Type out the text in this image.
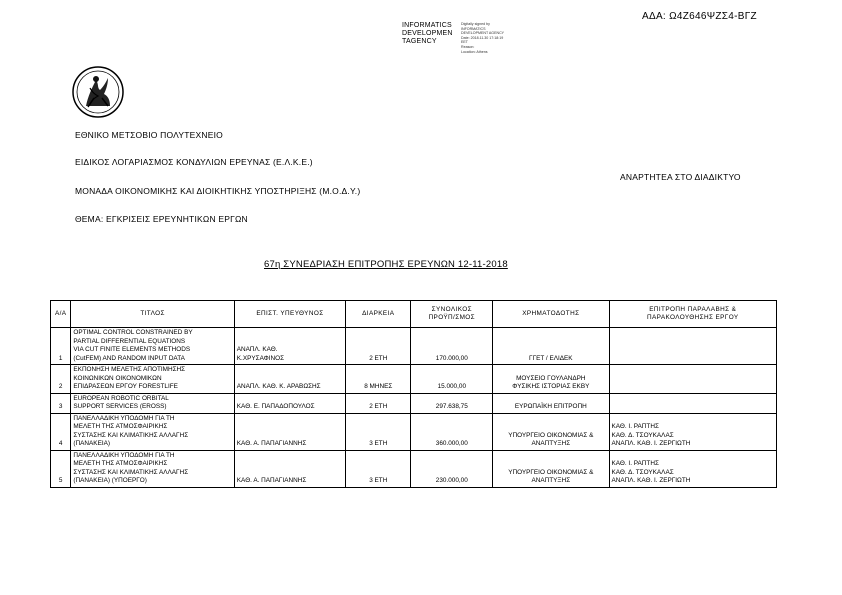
ΑΔΑ: Ω4Ζ646ΨΖΣ4-ΒΓΖ
INFORMATICS
DEVELOPMEN
TAGENCY
Digitally signed by
INFORMATICS
DEVELOPMENT AGENCY
Date: 2018.11.30 17:18:19
EET
Reason:
Location: Athens
ΕΘΝΙΚΟ ΜΕΤΣΟΒΙΟ ΠΟΛΥΤΕΧΝΕΙΟ
ΕΙΔΙΚΟΣ ΛΟΓΑΡΙΑΣΜΟΣ ΚΟΝΔΥΛΙΩΝ ΕΡΕΥΝΑΣ (Ε.Λ.Κ.Ε.)
ΑΝΑΡΤΗΤΕΑ ΣΤΟ ΔΙΑΔΙΚΤΥΟ
ΜΟΝΑΔΑ ΟΙΚΟΝΟΜΙΚΗΣ ΚΑΙ ΔΙΟΙΚΗΤΙΚΗΣ ΥΠΟΣΤΗΡΙΞΗΣ (Μ.Ο.Δ.Υ.)
ΘΕΜΑ: ΕΓΚΡΙΣΕΙΣ ΕΡΕΥΝΗΤΙΚΩΝ ΕΡΓΩΝ
67η ΣΥΝΕΔΡΙΑΣΗ ΕΠΙΤΡΟΠΗΣ ΕΡΕΥΝΩΝ 12-11-2018
Α/Α	ΤΙΤΛΟΣ	ΕΠΙΣΤ. ΥΠΕΥΘΥΝΟΣ	ΔΙΑΡΚΕΙΑ	ΣΥΝΟΛΙΚΟΣ
ΠΡΟΫΠ/ΣΜΟΣ	ΧΡΗΜΑΤΟΔΟΤΗΣ	ΕΠΙΤΡΟΠΗ ΠΑΡΑΛΑΒΗΣ &
ΠΑΡΑΚΟΛΟΥΘΗΣΗΣ ΕΡΓΟΥ
1	OPTIMAL CONTROL CONSTRAINED BY
PARTIAL DIFFERENTIAL EQUATIONS
VIA CUT FINITE ELEMENTS METHODS
(CutFEM) AND RANDOM INPUT DATA	ΑΝΑΠΛ. ΚΑΘ.
Κ.ΧΡΥΣΑΦΙΝΟΣ	2 ΕΤΗ	170.000,00	ΓΓΕΤ / ΕΛΙΔΕΚ	
2	ΕΚΠΟΝΗΣΗ ΜΕΛΕΤΗΣ ΑΠΟΤΙΜΗΣΗΣ
ΚΟΙΝΩΝΙΚΩΝ ΟΙΚΟΝΟΜΙΚΩΝ
ΕΠΙΔΡΑΣΕΩΝ ΕΡΓΟΥ FORESTLIFE	ΑΝΑΠΛ. ΚΑΘ. Κ. ΑΡΑΒΩΣΗΣ	8 ΜΗΝΕΣ	15.000,00	ΜΟΥΣΕΙΟ ΓΟΥΛΑΝΔΡΗ
ΦΥΣΙΚΗΣ ΙΣΤΟΡΙΑΣ ΕΚΒΥ	
3	EUROPEAN ROBOTIC ORBITAL
SUPPORT SERVICES (EROSS)	ΚΑΘ. Ε. ΠΑΠΑΔΟΠΟΥΛΟΣ	2 ΕΤΗ	297.638,75	ΕΥΡΩΠΑΪΚΗ ΕΠΙΤΡΟΠΗ	
4	ΠΑΝΕΛΛΑΔΙΚΗ ΥΠΟΔΟΜΗ ΓΙΑ ΤΗ
ΜΕΛΕΤΗ ΤΗΣ ΑΤΜΟΣΦΑΙΡΙΚΗΣ
ΣΥΣΤΑΣΗΣ ΚΑΙ ΚΛΙΜΑΤΙΚΗΣ ΑΛΛΑΓΗΣ
(ΠΑΝΑΚΕΙΑ)	ΚΑΘ. Α. ΠΑΠΑΓΙΑΝΝΗΣ	3 ΕΤΗ	360.000,00	ΥΠΟΥΡΓΕΙΟ ΟΙΚΟΝΟΜΙΑΣ &
ΑΝΑΠΤΥΞΗΣ	ΚΑΘ. Ι. ΡΑΠΤΗΣ
ΚΑΘ. Δ. ΤΣΟΥΚΑΛΑΣ
ΑΝΑΠΛ. ΚΑΘ. Ι. ΖΕΡΓΙΩΤΗ
5	ΠΑΝΕΛΛΑΔΙΚΗ ΥΠΟΔΟΜΗ ΓΙΑ ΤΗ
ΜΕΛΕΤΗ ΤΗΣ ΑΤΜΟΣΦΑΙΡΙΚΗΣ
ΣΥΣΤΑΣΗΣ ΚΑΙ ΚΛΙΜΑΤΙΚΗΣ ΑΛΛΑΓΗΣ
(ΠΑΝΑΚΕΙΑ) (ΥΠΟΕΡΓΟ)	ΚΑΘ. Α. ΠΑΠΑΓΙΑΝΝΗΣ	3 ΕΤΗ	230.000,00	ΥΠΟΥΡΓΕΙΟ ΟΙΚΟΝΟΜΙΑΣ &
ΑΝΑΠΤΥΞΗΣ	ΚΑΘ. Ι. ΡΑΠΤΗΣ
ΚΑΘ. Δ. ΤΣΟΥΚΑΛΑΣ
ΑΝΑΠΛ. ΚΑΘ. Ι. ΖΕΡΓΙΩΤΗ
